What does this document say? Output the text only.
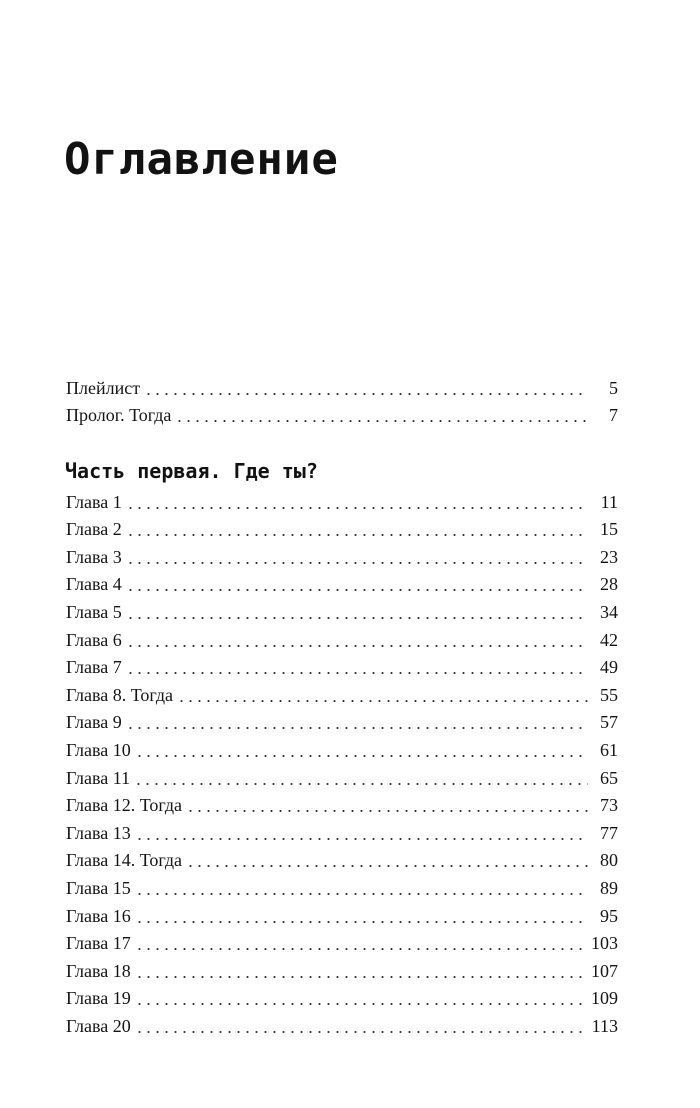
Оглавление
Плейлист	5
Пролог. Тогда	7
Часть первая. Где ты?
Глава 1	11
Глава 2	15
Глава 3	23
Глава 4	28
Глава 5	34
Глава 6	42
Глава 7	49
Глава 8. Тогда	55
Глава 9	57
Глава 10	61
Глава 11	65
Глава 12. Тогда	73
Глава 13	77
Глава 14. Тогда	80
Глава 15	89
Глава 16	95
Глава 17	103
Глава 18	107
Глава 19	109
Глава 20	113
